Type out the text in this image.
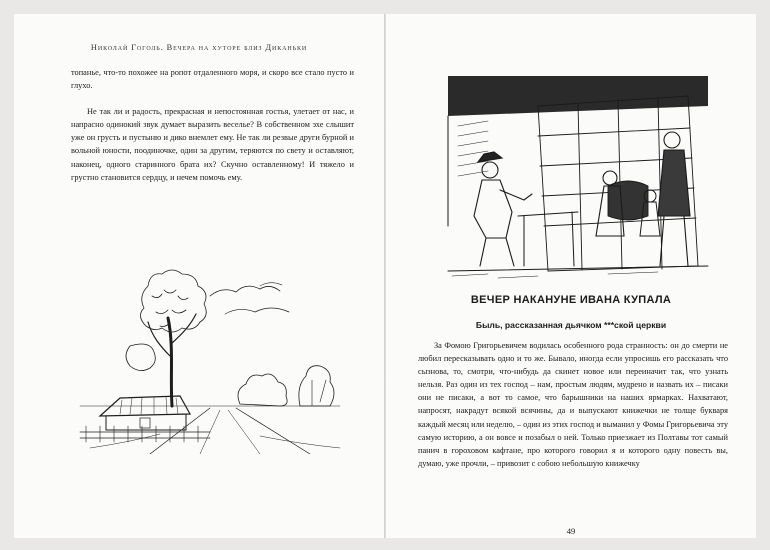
Николай Гоголь. Вечера на хуторе близ Диканьки

топанье, что-то похожее на ропот отдаленного моря, и скоро все стало пусто и глухо.

Не так ли и радость, прекрасная и непостоянная гостья, улетает от нас, и напрасно одинокий звук думает выразить веселье? В собственном эхе слышит уже он грусть и пустыню и дико внемлет ему. Не так ли резвые други бурной и вольной юности, поодиночке, один за другим, теряются по свету и оставляют, наконец, одного старинного брата их? Скучно оставленному! И тяжело и грустно становится сердцу, и нечем помочь ему.

ВЕЧЕР НАКАНУНЕ ИВАНА КУПАЛА
Быль, рассказанная дьячком ***ской церкви

За Фомою Григорьевичем водилась особенного рода странность: он до смерти не любил пересказывать одно и то же. Бывало, иногда если упросишь его рассказать что сызнова, то, смотри, что-нибудь да скинет новое или переиначит так, что узнать нельзя. Раз один из тех господ – нам, простым людям, мудрено и назвать их – писаки они не писаки, а вот то самое, что барышники на наших ярмарках. Нахватают, напросят, накрадут всякой всячины, да и выпускают книжечки не толще букваря каждый месяц или неделю, – один из этих господ и выманил у Фомы Григорьевича эту самую историю, а он вовсе и позабыл о ней. Только приезжает из Полтавы тот самый панич в гороховом кафтане, про которого говорил я и которого одну повесть вы, думаю, уже прочли, – привозит с собою небольшую книжечку

49
